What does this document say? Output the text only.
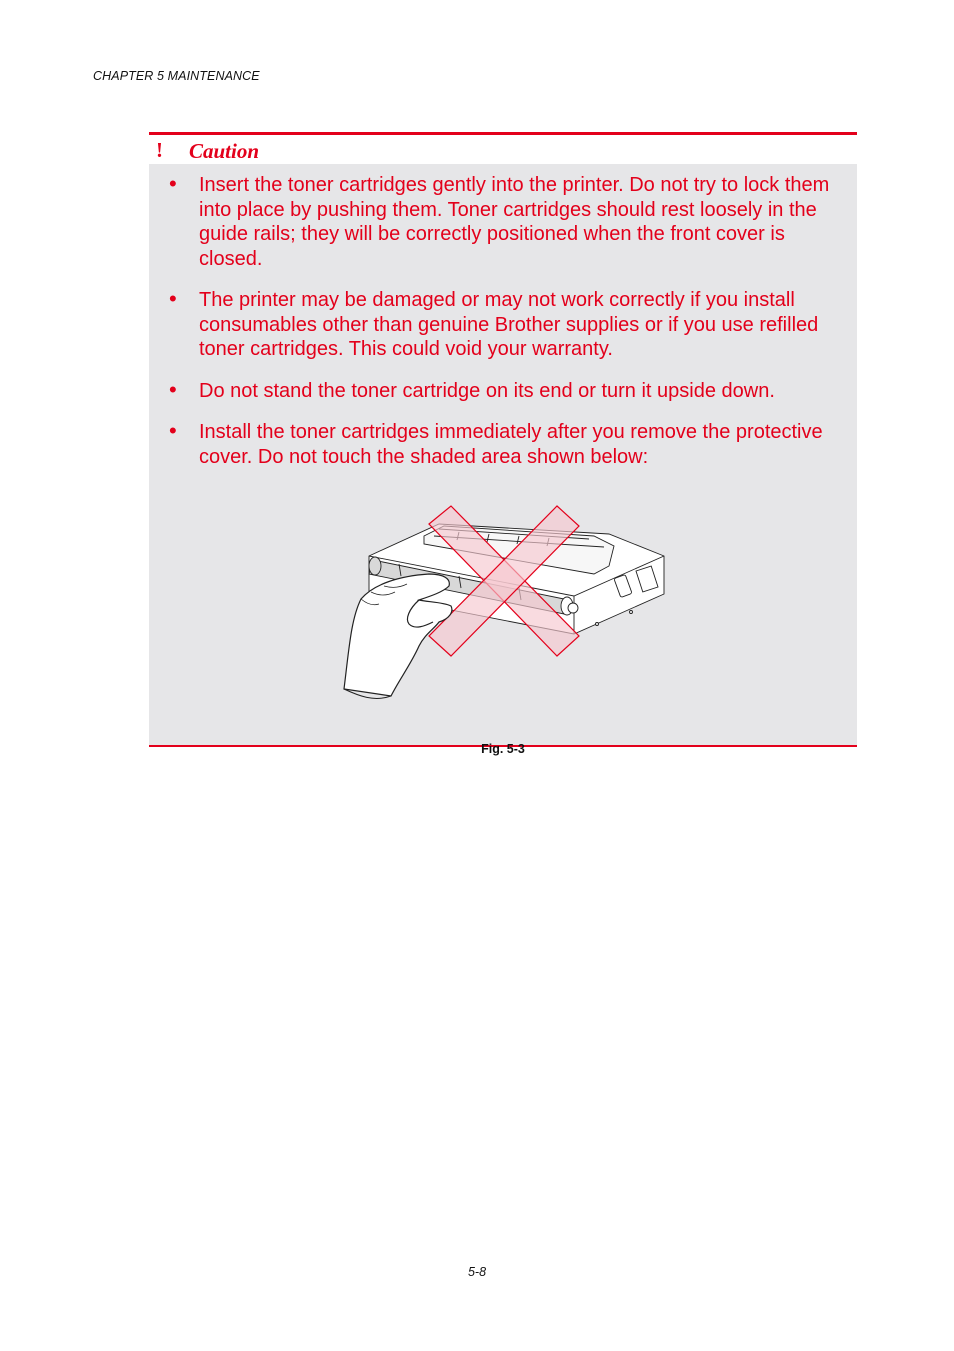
CHAPTER 5 MAINTENANCE
! Caution
• Insert the toner cartridges gently into the printer. Do not try to lock them into place by pushing them. Toner cartridges should rest loosely in the guide rails; they will be correctly positioned when the front cover is closed.
• The printer may be damaged or may not work correctly if you install consumables other than genuine Brother supplies or if you use refilled toner cartridges. This could void your warranty.
• Do not stand the toner cartridge on its end or turn it upside down.
• Install the toner cartridges immediately after you remove the protective cover. Do not touch the shaded area shown below:
Fig. 5-3
5-8
